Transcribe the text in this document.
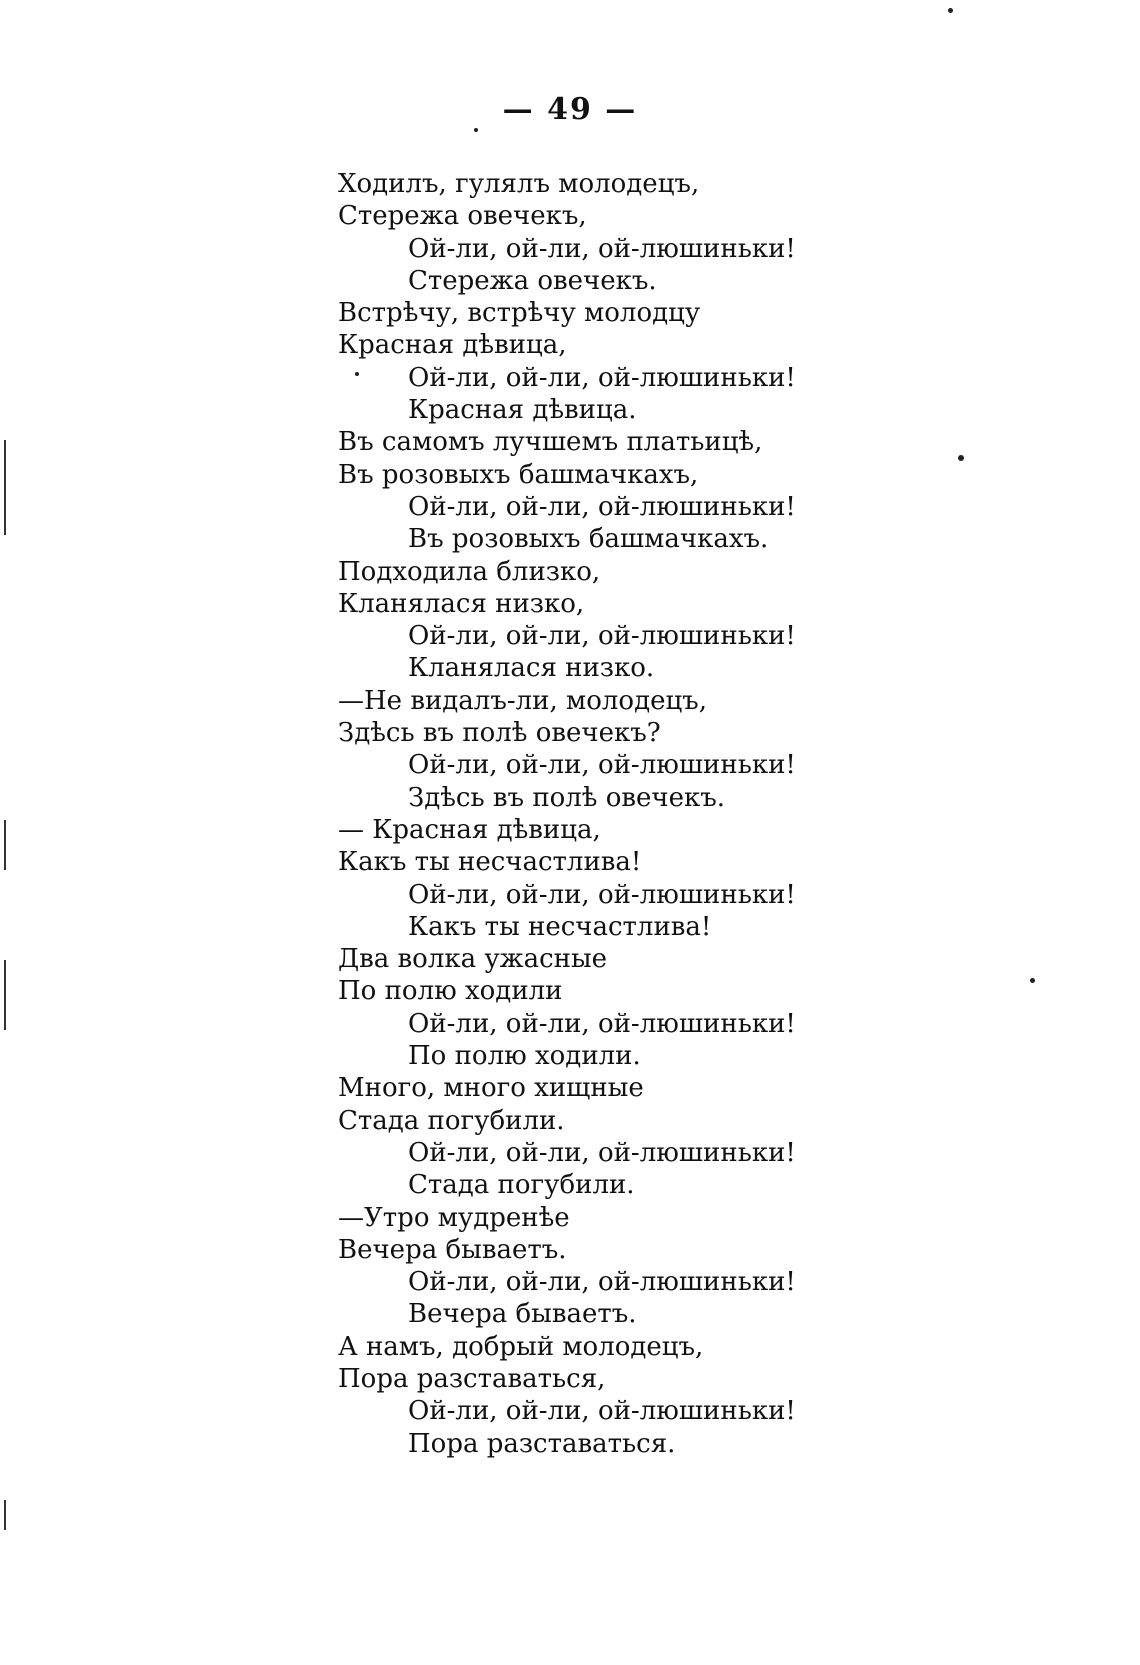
— 49 —
Ходилъ, гулялъ молодецъ,
Стережа овечекъ,
Ой-ли, ой-ли, ой-люшиньки!
Стережа овечекъ.
Встрѣчу, встрѣчу молодцу
Красная дѣвица,
Ой-ли, ой-ли, ой-люшиньки!
Красная дѣвица.
Въ самомъ лучшемъ платьицѣ,
Въ розовыхъ башмачкахъ,
Ой-ли, ой-ли, ой-люшиньки!
Въ розовыхъ башмачкахъ.
Подходила близко,
Кланялася низко,
Ой-ли, ой-ли, ой-люшиньки!
Кланялася низко.
—Не видалъ-ли, молодецъ,
Здѣсь въ полѣ овечекъ?
Ой-ли, ой-ли, ой-люшиньки!
Здѣсь въ полѣ овечекъ.
— Красная дѣвица,
Какъ ты несчастлива!
Ой-ли, ой-ли, ой-люшиньки!
Какъ ты несчастлива!
Два волка ужасные
По полю ходили
Ой-ли, ой-ли, ой-люшиньки!
По полю ходили.
Много, много хищные
Стада погубили.
Ой-ли, ой-ли, ой-люшиньки!
Стада погубили.
—Утро мудренѣе
Вечера бываетъ.
Ой-ли, ой-ли, ой-люшиньки!
Вечера бываетъ.
А намъ, добрый молодецъ,
Пора разставаться,
Ой-ли, ой-ли, ой-люшиньки!
Пора разставаться.
